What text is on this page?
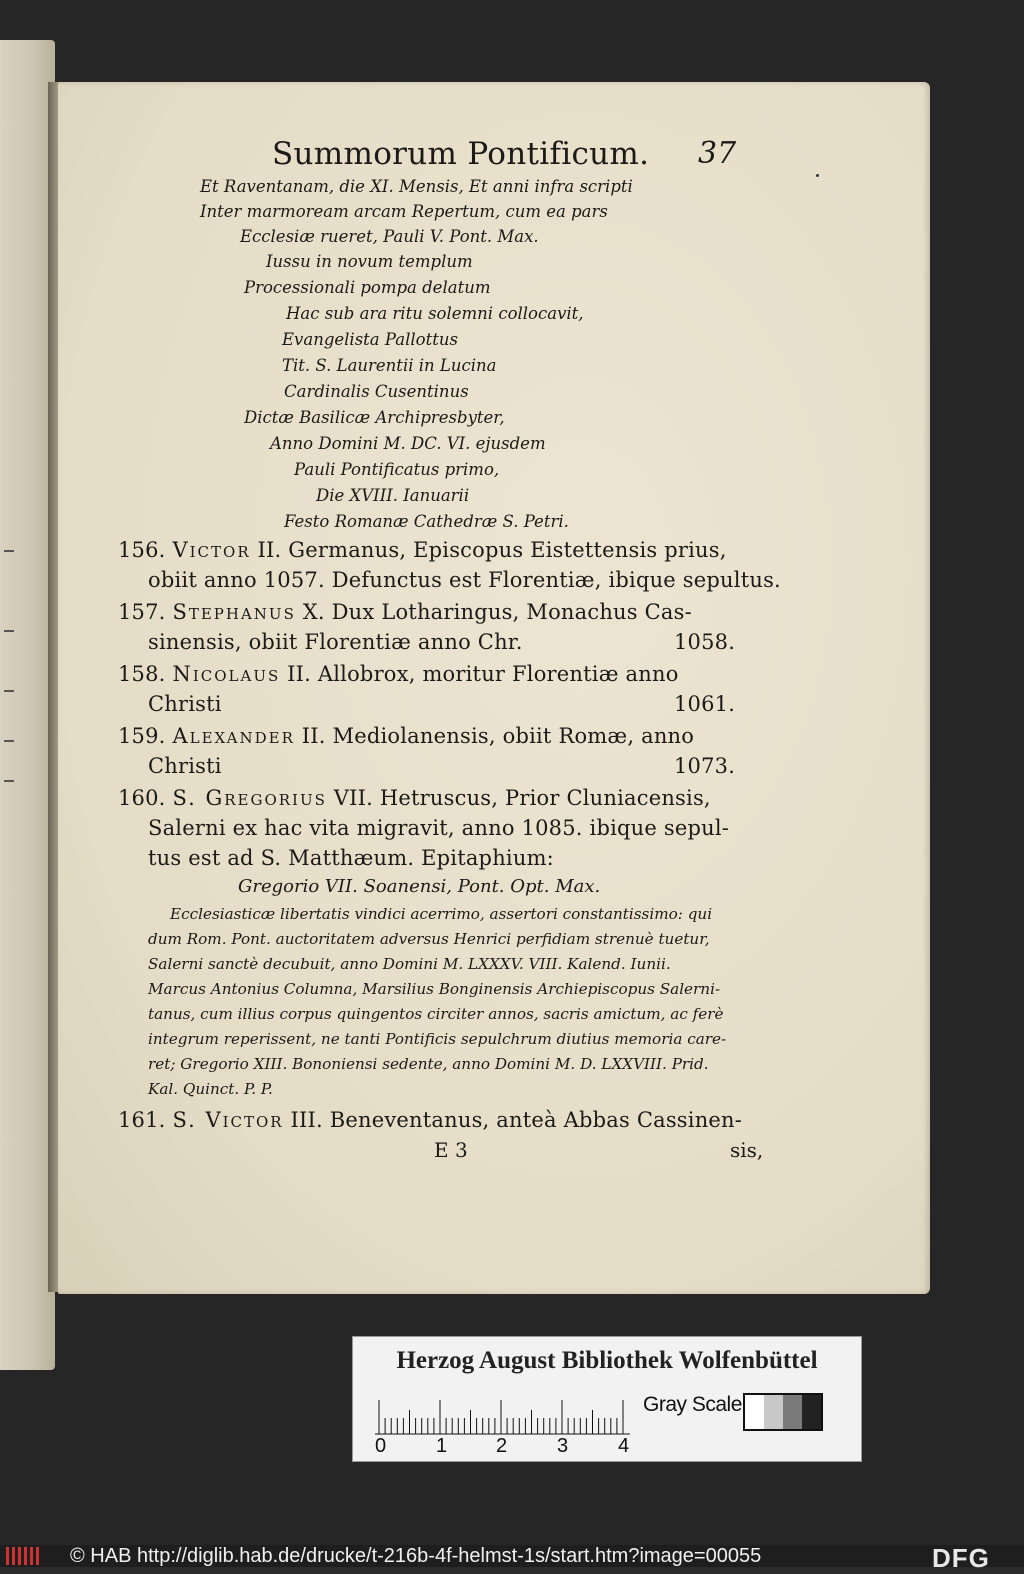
Summorum Pontificum. 37
Et Raventanam, die XI. Mensis, Et anni infra scripti
Inter marmoream arcam Repertum, cum ea pars
Ecclesiæ rueret, Pauli V. Pont. Max.
Iussu in novum templum
Processionali pompa delatum
Hac sub ara ritu solemni collocavit,
Evangelista Pallottus
Tit. S. Laurentii in Lucina
Cardinalis Cusentinus
Dictæ Basilicæ Archipresbyter,
Anno Domini M. DC. VI. ejusdem
Pauli Pontificatus primo,
Die XVIII. Ianuarii
Festo Romanæ Cathedræ S. Petri.
156. Victor II. Germanus, Episcopus Eistettensis prius,
obiit anno 1057. Defunctus est Florentiæ, ibique sepultus.
157. Stephanus X. Dux Lotharingus, Monachus Cas-
sinensis, obiit Florentiæ anno Chr.	1058.
158. Nicolaus II. Allobrox, moritur Florentiæ anno
Christi	1061.
159. Alexander II. Mediolanensis, obiit Romæ, anno
Christi	1073.
160. S. Gregorius VII. Hetruscus, Prior Cluniacensis,
Salerni ex hac vita migravit, anno 1085. ibique sepul-
tus est ad S. Matthæum. Epitaphium:
Gregorio VII. Soanensi, Pont. Opt. Max.
Ecclesiasticæ libertatis vindici acerrimo, assertori constantissimo: qui
dum Rom. Pont. auctoritatem adversus Henrici perfidiam strenuè tuetur,
Salerni sanctè decubuit, anno Domini M. LXXXV. VIII. Kalend. Iunii.
Marcus Antonius Columna, Marsilius Bonginensis Archiepiscopus Salerni-
tanus, cum illius corpus quingentos circiter annos, sacris amictum, ac ferè
integrum reperissent, ne tanti Pontificis sepulchrum diutius memoria care-
ret; Gregorio XIII. Bononiensi sedente, anno Domini M. D. LXXVIII. Prid.
Kal. Quinct. P. P.
161. S. Victor III. Beneventanus, anteà Abbas Cassinen-
E 3	sis,
Herzog August Bibliothek Wolfenbüttel
0 1 2 3 4
Gray Scale
© HAB http://diglib.hab.de/drucke/t-216b-4f-helmst-1s/start.htm?image=00055	DFG
